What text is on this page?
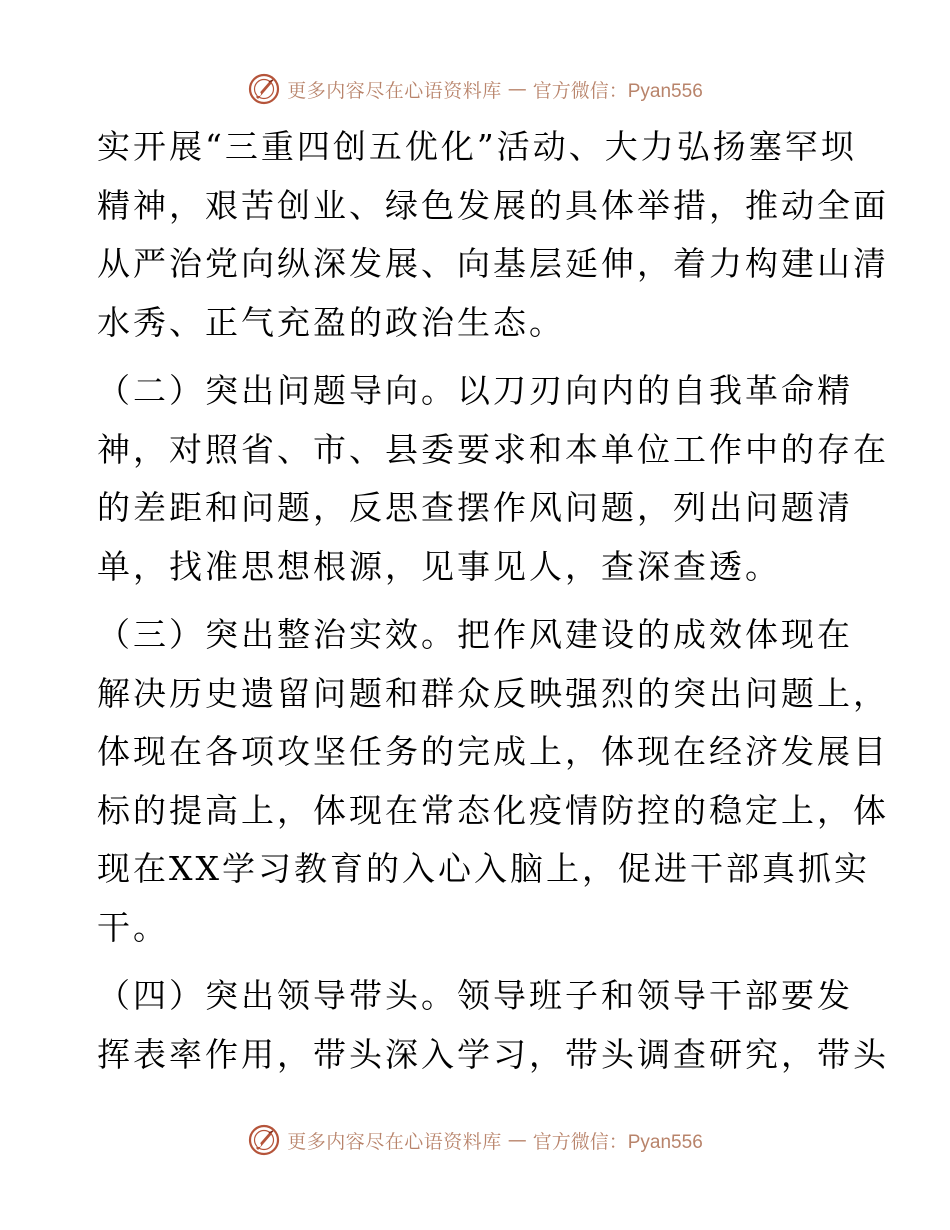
更多内容尽在心语资料库 — 官方微信：Pyan556

实开展“三重四创五优化”活动、大力弘扬塞罕坝
精神，艰苦创业、绿色发展的具体举措，推动全面
从严治党向纵深发展、向基层延伸，着力构建山清
水秀、正气充盈的政治生态。

（二）突出问题导向。以刀刃向内的自我革命精
神，对照省、市、县委要求和本单位工作中的存在
的差距和问题，反思查摆作风问题，列出问题清
单，找准思想根源，见事见人，查深查透。

（三）突出整治实效。把作风建设的成效体现在
解决历史遗留问题和群众反映强烈的突出问题上，
体现在各项攻坚任务的完成上，体现在经济发展目
标的提高上，体现在常态化疫情防控的稳定上，体
现在XX学习教育的入心入脑上，促进干部真抓实
干。

（四）突出领导带头。领导班子和领导干部要发
挥表率作用，带头深入学习，带头调查研究，带头

更多内容尽在心语资料库 — 官方微信：Pyan556
